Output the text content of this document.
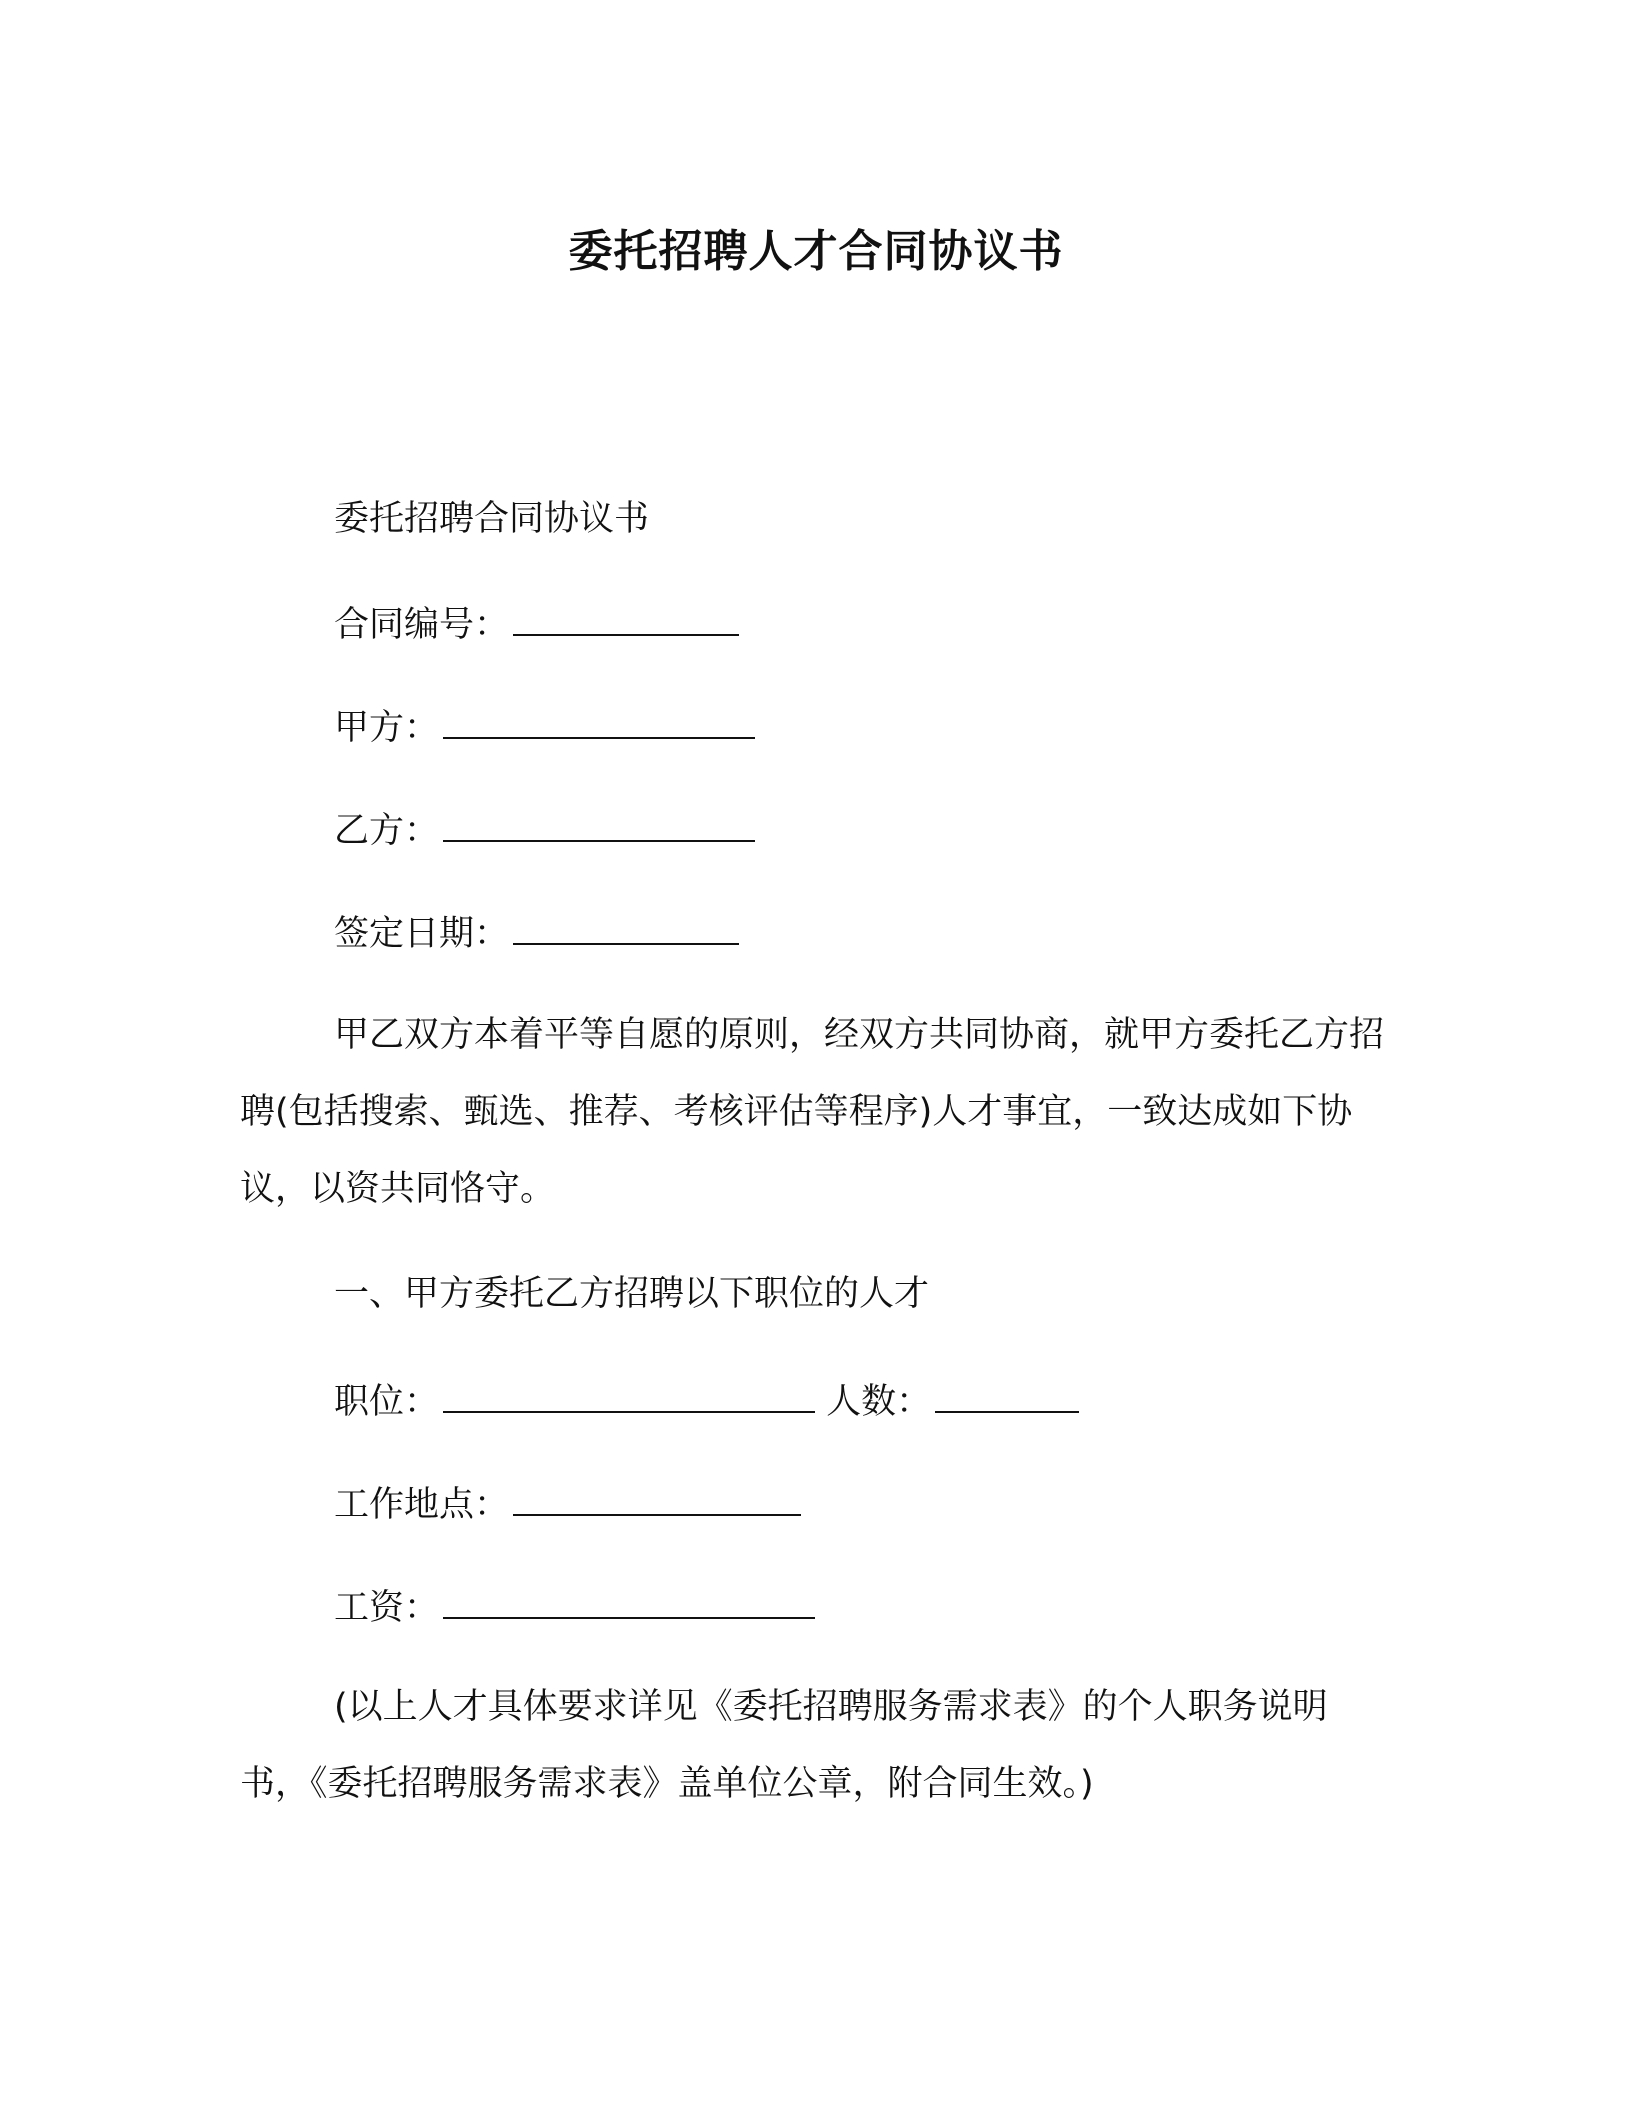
委托招聘人才合同协议书
委托招聘合同协议书
合同编号：
甲方：
乙方：
签定日期：
甲乙双方本着平等自愿的原则，经双方共同协商，就甲方委托乙方招聘(包括搜索、甄选、推荐、考核评估等程序)人才事宜，一致达成如下协议，以资共同恪守。
一、甲方委托乙方招聘以下职位的人才
职位：	人数：
工作地点：
工资：
(以上人才具体要求详见《委托招聘服务需求表》的个人职务说明书，《委托招聘服务需求表》盖单位公章，附合同生效。)
